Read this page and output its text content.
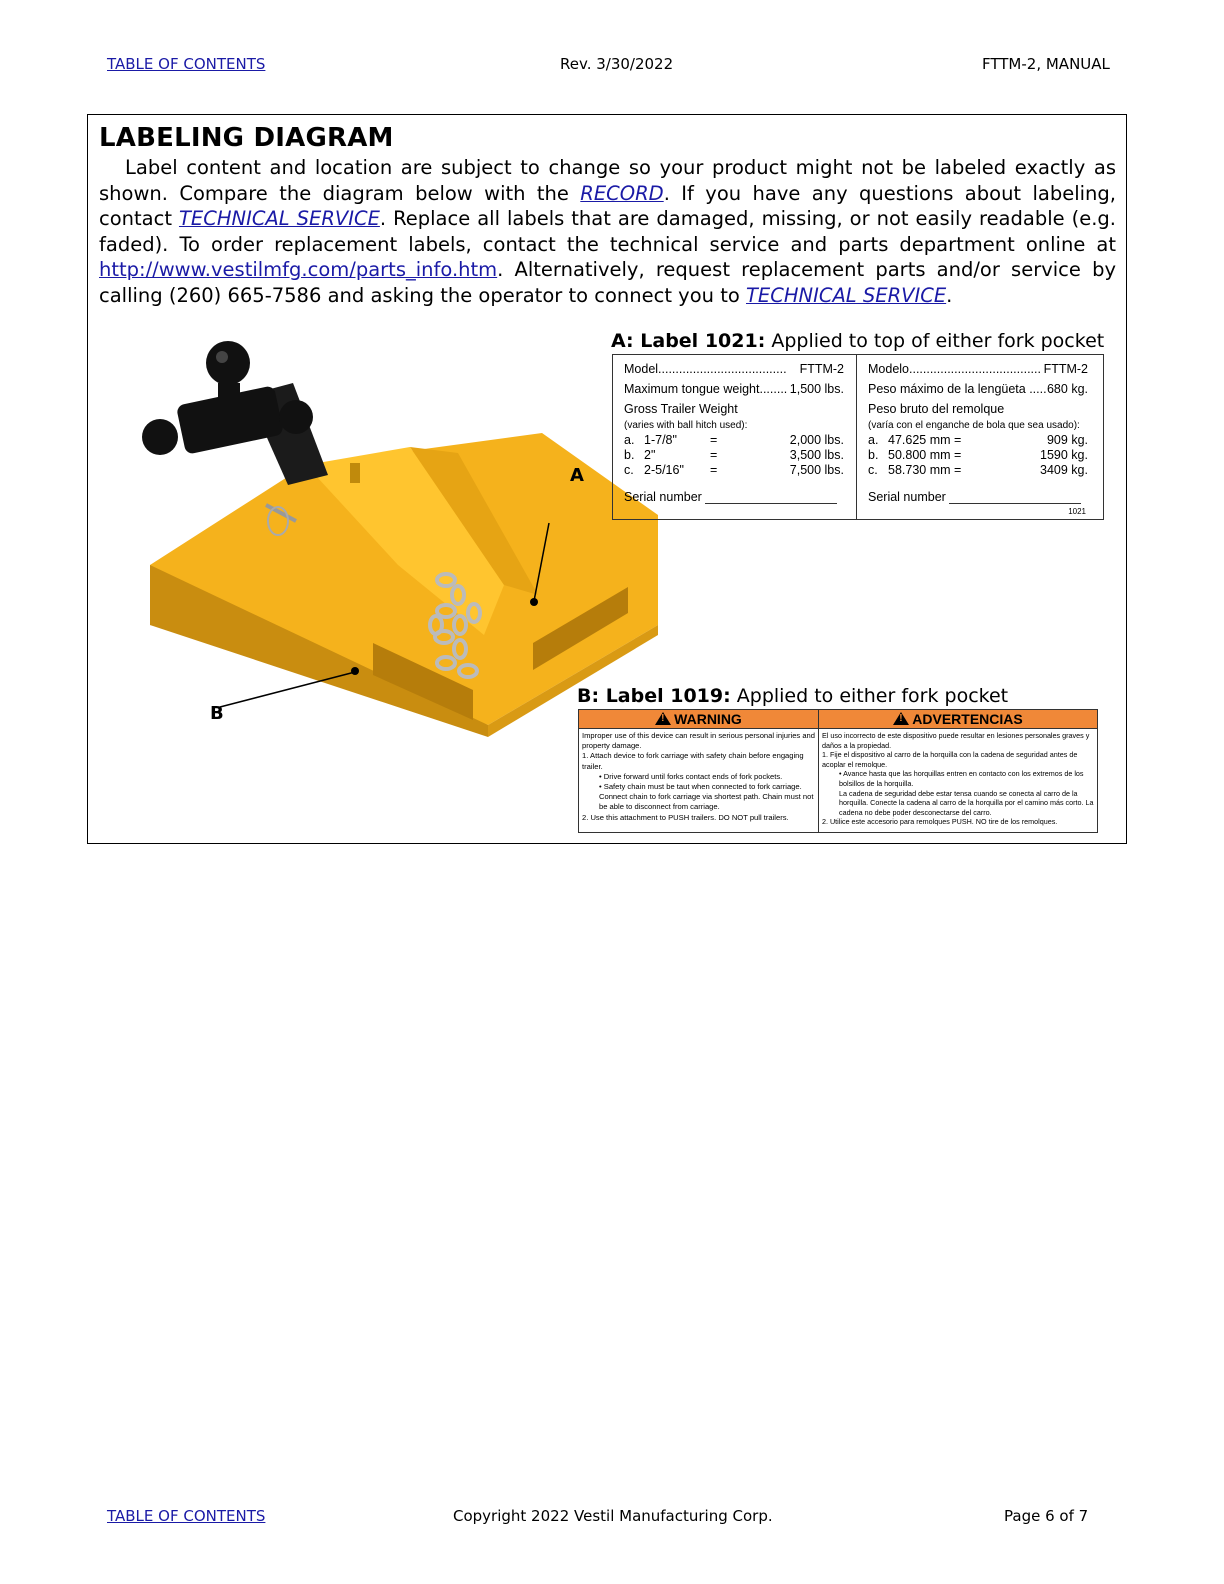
TABLE OF CONTENTS	Rev. 3/30/2022	FTTM-2, MANUAL
LABELING DIAGRAM
Label content and location are subject to change so your product might not be labeled exactly as shown. Compare the diagram below with the RECORD. If you have any questions about labeling, contact TECHNICAL SERVICE. Replace all labels that are damaged, missing, or not easily readable (e.g. faded). To order replacement labels, contact the technical service and parts department online at http://www.vestilmfg.com/parts_info.htm. Alternatively, request replacement parts and/or service by calling (260) 665-7586 and asking the operator to connect you to TECHNICAL SERVICE.
A
B
A: Label 1021: Applied to top of either fork pocket
Model..................................... FTTM-2
Maximum tongue weight........ 1,500 lbs.
Gross Trailer Weight
(varies with ball hitch used):
a. 1-7/8"	=	2,000 lbs.
b. 2"	=	3,500 lbs.
c. 2-5/16"	=	7,500 lbs.
Serial number
Modelo...................................... FTTM-2
Peso máximo de la lengüeta ..... 680 kg.
Peso bruto del remolque
(varía con el enganche de bola que sea usado):
a. 47.625 mm =	909 kg.
b. 50.800 mm =	1590 kg.
c. 58.730 mm =	3409 kg.
Serial number
1021
B: Label 1019: Applied to either fork pocket
!WARNING
Improper use of this device can result in serious personal injuries and property damage.
1. Attach device to fork carriage with safety chain before engaging trailer.
• Drive forward until forks contact ends of fork pockets.
• Safety chain must be taut when connected to fork carriage. Connect chain to fork carriage via shortest path. Chain must not be able to disconnect from carriage.
2. Use this attachment to PUSH trailers. DO NOT pull trailers.
!ADVERTENCIAS
El uso incorrecto de este dispositivo puede resultar en lesiones personales graves y daños a la propiedad.
1. Fije el dispositivo al carro de la horquilla con la cadena de seguridad antes de acoplar el remolque.
• Avance hasta que las horquillas entren en contacto con los extremos de los bolsillos de la horquilla.
La cadena de seguridad debe estar tensa cuando se conecta al carro de la horquilla. Conecte la cadena al carro de la horquilla por el camino más corto. La cadena no debe poder desconectarse del carro.
2. Utilice este accesorio para remolques PUSH. NO tire de los remolques.
TABLE OF CONTENTS	Copyright 2022 Vestil Manufacturing Corp.	Page 6 of 7
